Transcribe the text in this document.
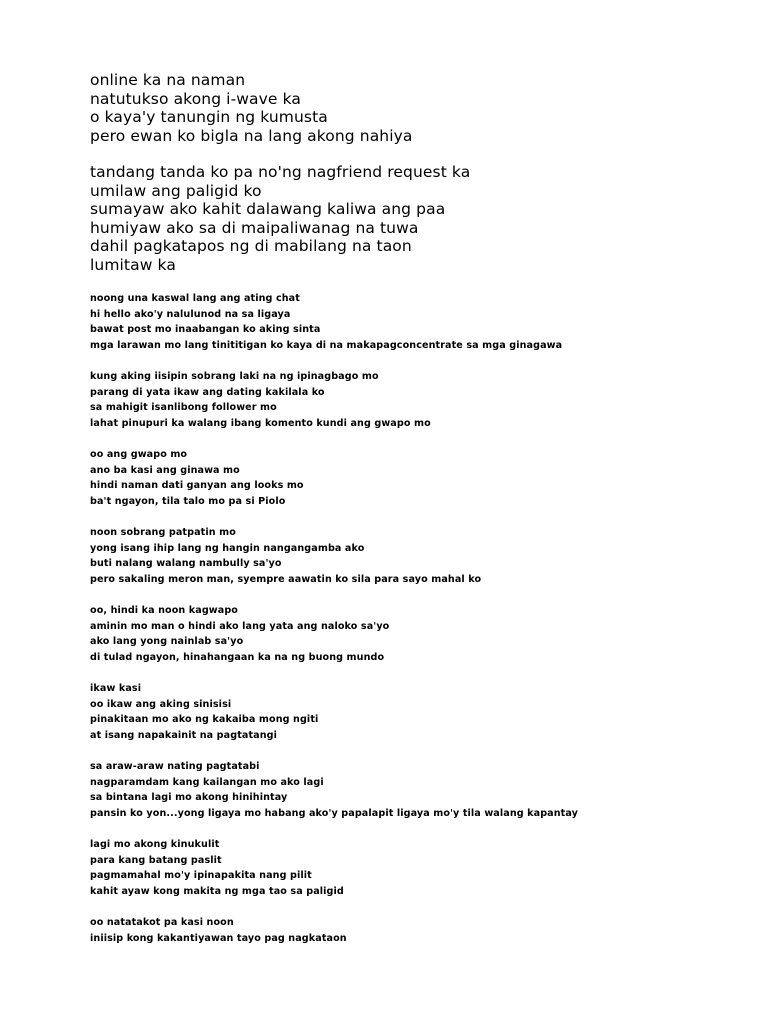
online ka na naman
natutukso akong i-wave ka
o kaya'y tanungin ng kumusta
pero ewan ko bigla na lang akong nahiya
tandang tanda ko pa no'ng nagfriend request ka
umilaw ang paligid ko
sumayaw ako kahit dalawang kaliwa ang paa
humiyaw ako sa di maipaliwanag na tuwa
dahil pagkatapos ng di mabilang na taon
lumitaw ka
noong una kaswal lang ang ating chat
hi hello ako'y nalulunod na sa ligaya
bawat post mo inaabangan ko aking sinta
mga larawan mo lang tinititigan ko kaya di na makapagconcentrate sa mga ginagawa
kung aking iisipin sobrang laki na ng ipinagbago mo
parang di yata ikaw ang dating kakilala ko
sa mahigit isanlibong follower mo
lahat pinupuri ka walang ibang komento kundi ang gwapo mo
oo ang gwapo mo
ano ba kasi ang ginawa mo
hindi naman dati ganyan ang looks mo
ba't ngayon, tila talo mo pa si Piolo
noon sobrang patpatin mo
yong isang ihip lang ng hangin nangangamba ako
buti nalang walang nambully sa'yo
pero sakaling meron man, syempre aawatin ko sila para sayo mahal ko
oo, hindi ka noon kagwapo
aminin mo man o hindi ako lang yata ang naloko sa'yo
ako lang yong nainlab sa'yo
di tulad ngayon, hinahangaan ka na ng buong mundo
ikaw kasi
oo ikaw ang aking sinisisi
pinakitaan mo ako ng kakaiba mong ngiti
at isang napakainit na pagtatangi
sa araw-araw nating pagtatabi
nagparamdam kang kailangan mo ako lagi
sa bintana lagi mo akong hinihintay
pansin ko yon...yong ligaya mo habang ako'y papalapit ligaya mo'y tila walang kapantay
lagi mo akong kinukulit
para kang batang paslit
pagmamahal mo'y ipinapakita nang pilit
kahit ayaw kong makita ng mga tao sa paligid
oo natatakot pa kasi noon
iniisip kong kakantiyawan tayo pag nagkataon
